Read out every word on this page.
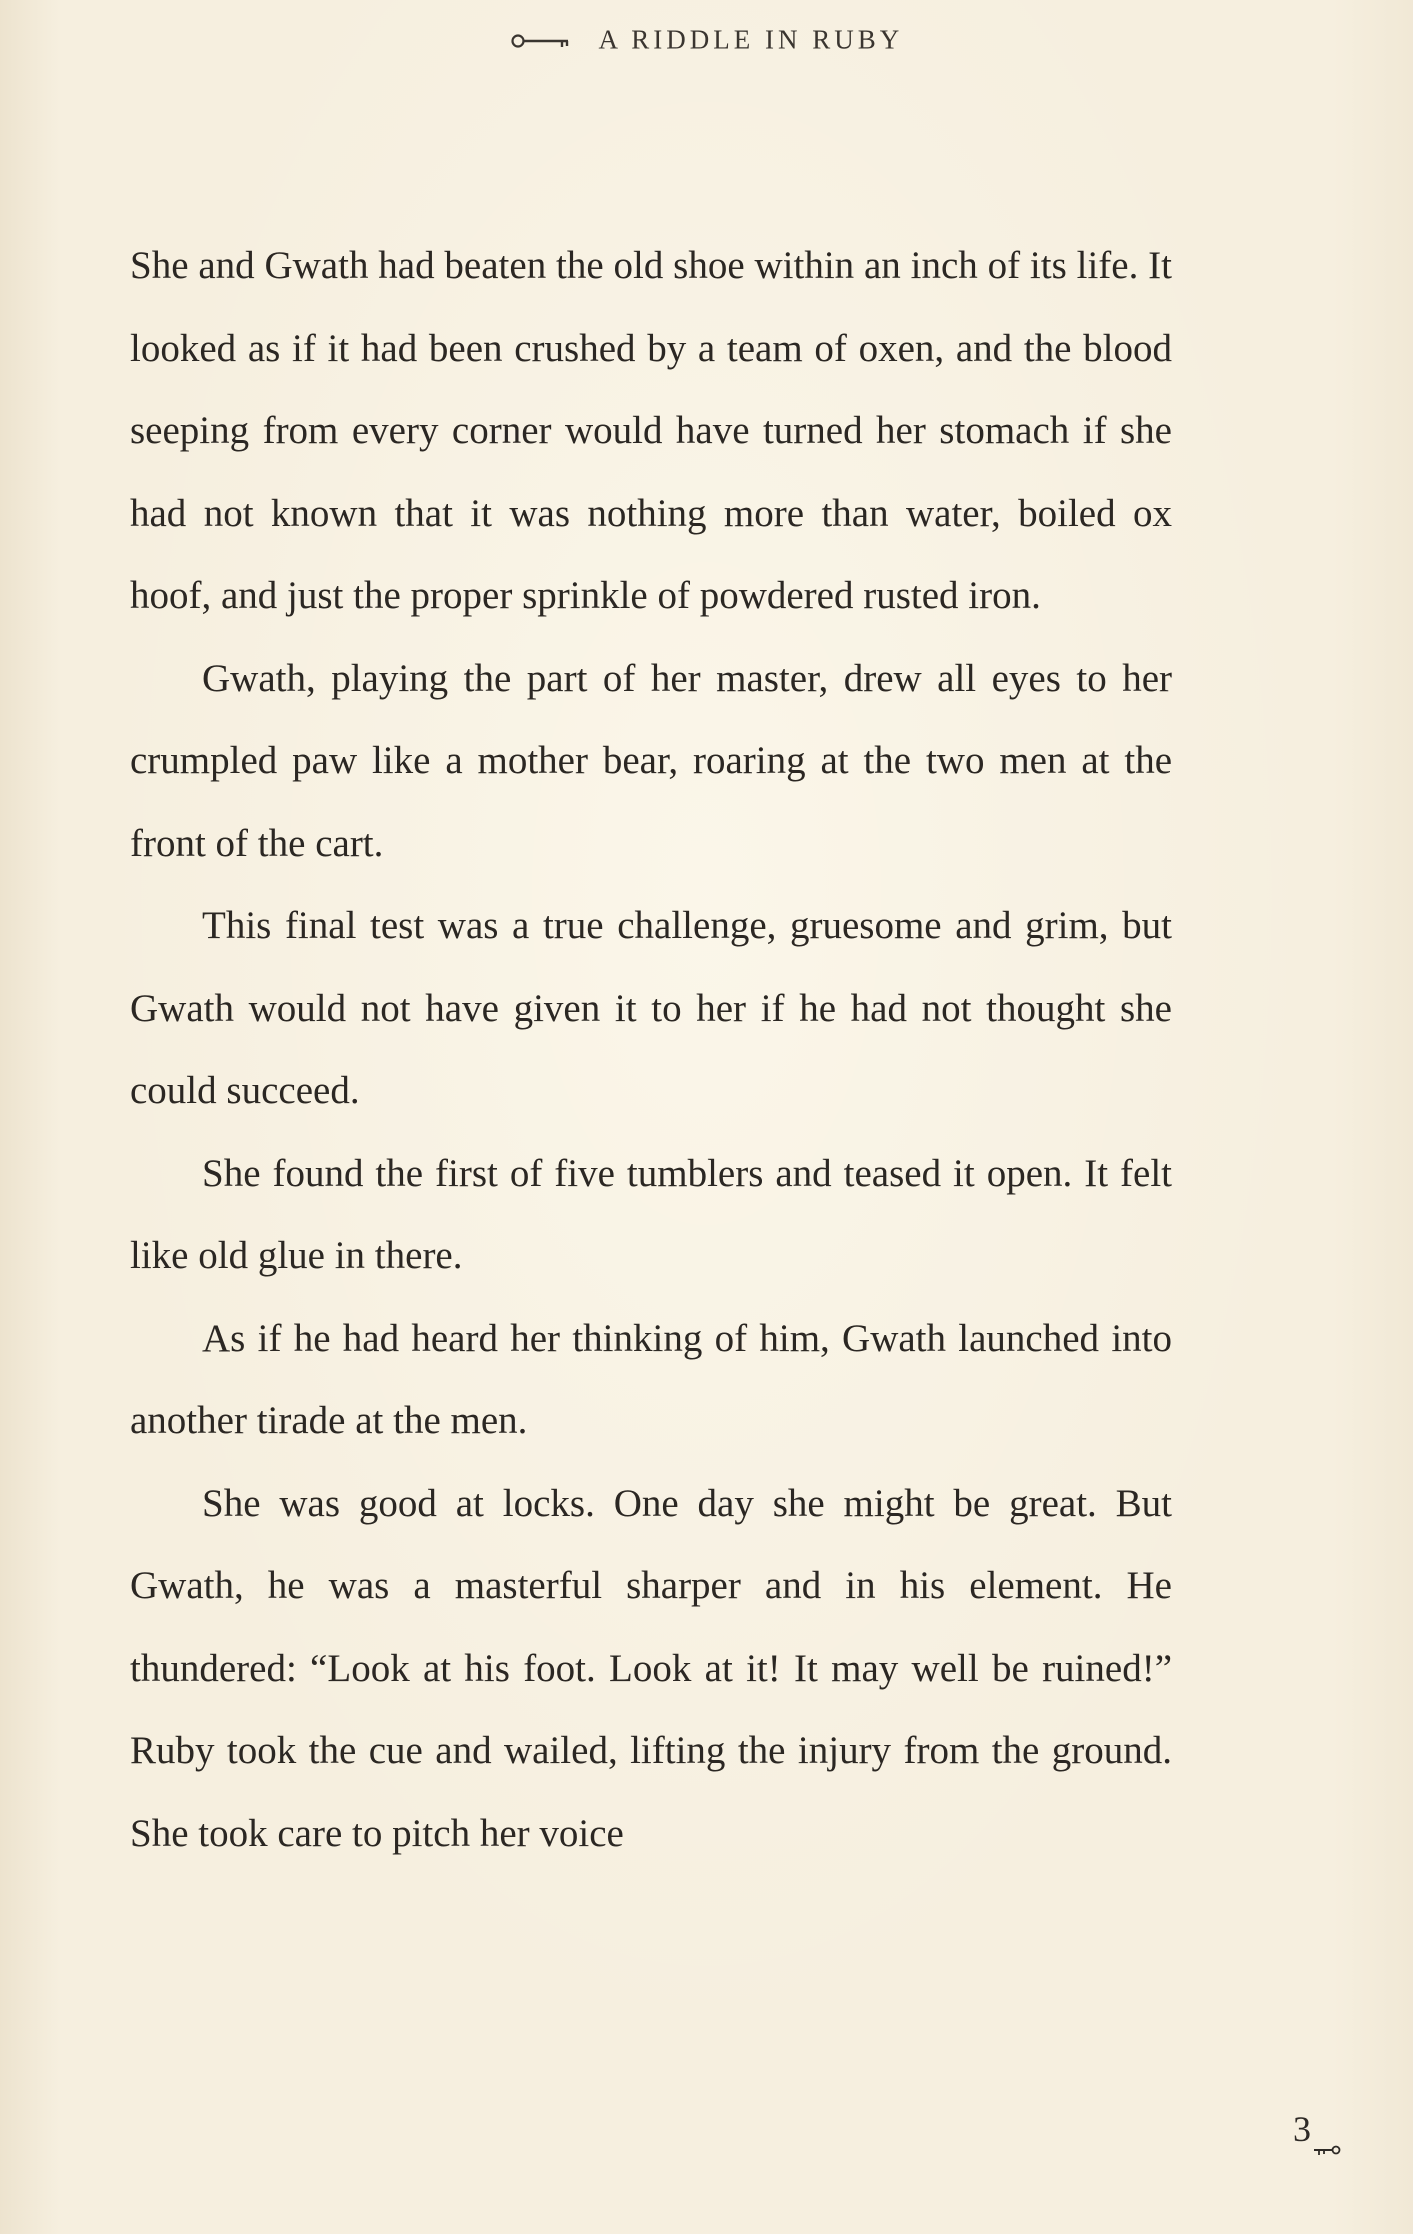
A RIDDLE IN RUBY

She and Gwath had beaten the old shoe within an inch of its life. It looked as if it had been crushed by a team of oxen, and the blood seeping from every corner would have turned her stomach if she had not known that it was nothing more than water, boiled ox hoof, and just the proper sprinkle of powdered rusted iron.

Gwath, playing the part of her master, drew all eyes to her crumpled paw like a mother bear, roaring at the two men at the front of the cart.

This final test was a true challenge, gruesome and grim, but Gwath would not have given it to her if he had not thought she could succeed.

She found the first of five tumblers and teased it open. It felt like old glue in there.

As if he had heard her thinking of him, Gwath launched into another tirade at the men.

She was good at locks. One day she might be great. But Gwath, he was a masterful sharper and in his element. He thundered: “Look at his foot. Look at it! It may well be ruined!” Ruby took the cue and wailed, lifting the injury from the ground. She took care to pitch her voice

3
